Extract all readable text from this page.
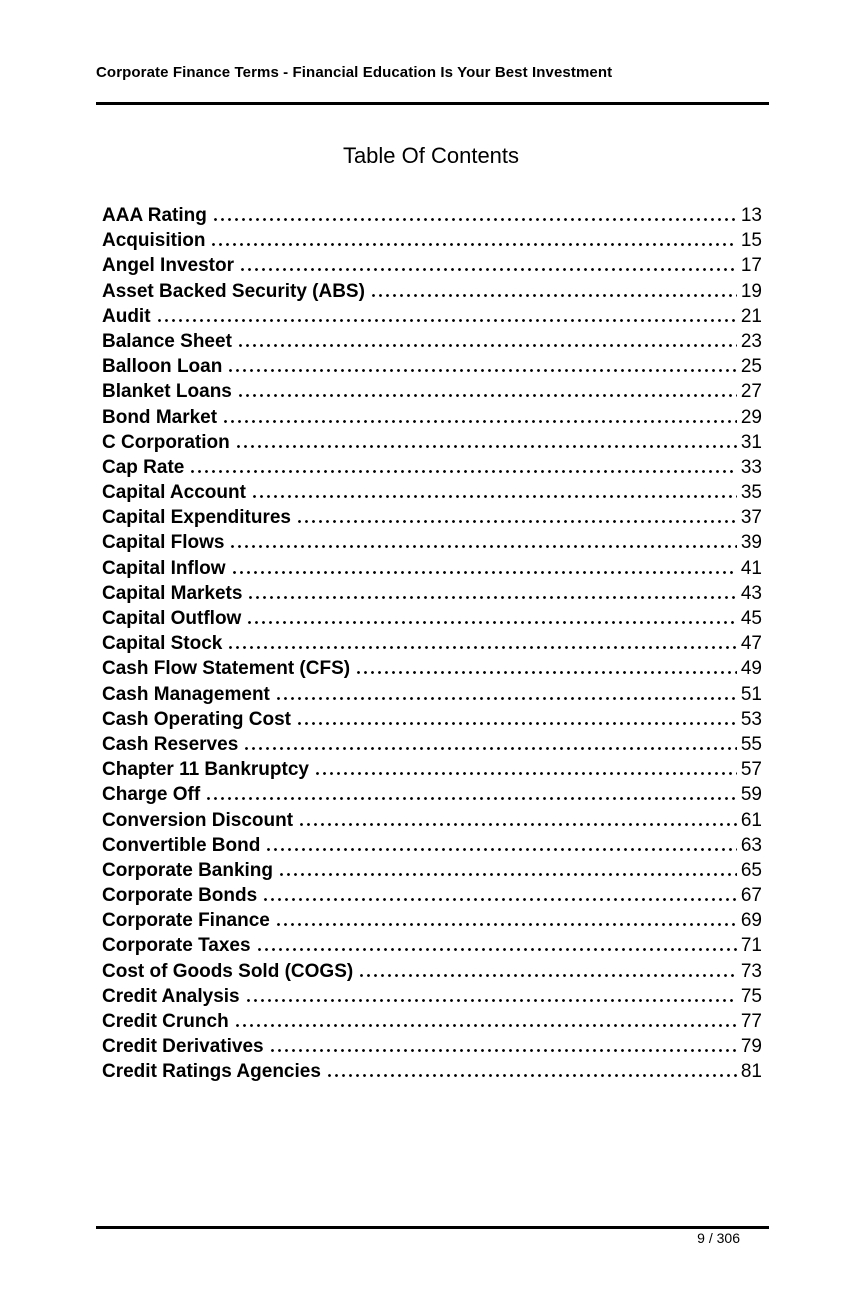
Corporate Finance Terms - Financial Education Is Your Best Investment
Table Of Contents
AAA Rating	13
Acquisition	15
Angel Investor	17
Asset Backed Security (ABS)	19
Audit	21
Balance Sheet	23
Balloon Loan	25
Blanket Loans	27
Bond Market	29
C Corporation	31
Cap Rate	33
Capital Account	35
Capital Expenditures	37
Capital Flows	39
Capital Inflow	41
Capital Markets	43
Capital Outflow	45
Capital Stock	47
Cash Flow Statement (CFS)	49
Cash Management	51
Cash Operating Cost	53
Cash Reserves	55
Chapter 11 Bankruptcy	57
Charge Off	59
Conversion Discount	61
Convertible Bond	63
Corporate Banking	65
Corporate Bonds	67
Corporate Finance	69
Corporate Taxes	71
Cost of Goods Sold (COGS)	73
Credit Analysis	75
Credit Crunch	77
Credit Derivatives	79
Credit Ratings Agencies	81
9 / 306
